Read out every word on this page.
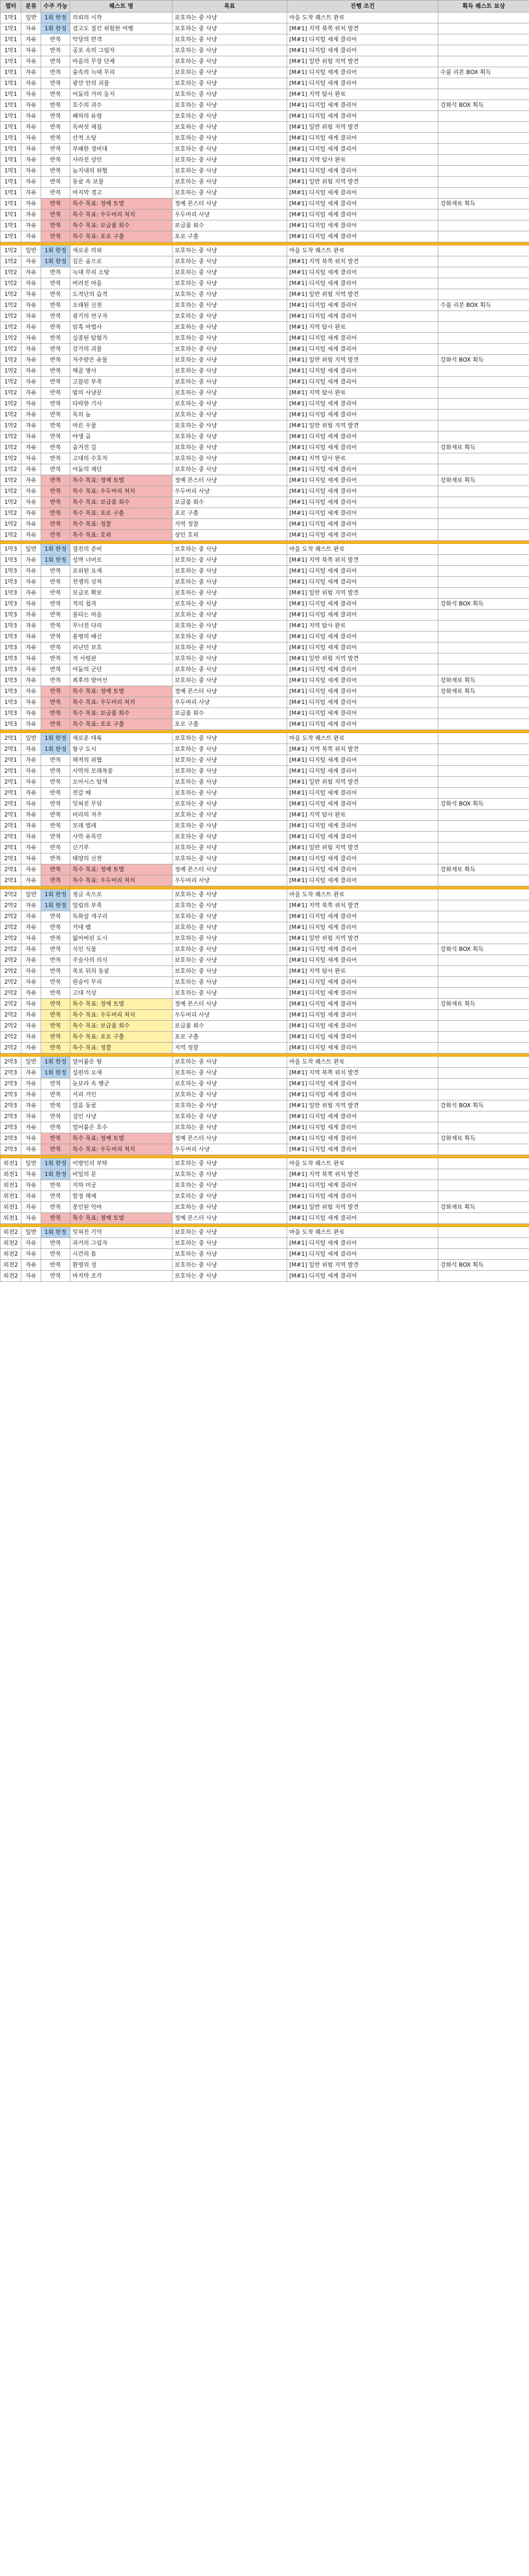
챕터	분류	수주 가능	퀘스트 명	목표	진행 조건	획득 퀘스트 보상
1막1	일반	1회 한정	의뢰의 시작	보호하는 중 사냥	마을 도착 퀘스트 완료	
1막1	자유	1회 한정	검고도 질긴 위험한 여행	보호하는 중 사냥	[M#1] 지역 북쪽 위치 발견	
1막1	자유	반복	악당의 반격	보호하는 중 사냥	[M#1] 디지털 세계 클리어	
1막1	자유	반복	공포 속의 그림자	보호하는 중 사냥	[M#1] 디지털 세계 클리어	
1막1	자유	반복	마을의 무장 단체	보호하는 중 사냥	[M#1] 일반 위험 지역 발견	
1막1	자유	반복	숲속의 늑대 무리	보호하는 중 사냥	[M#1] 디지털 세계 클리어	수풀 리본 BOX 획득
1막1	자유	반복	광산 안의 괴물	보호하는 중 사냥	[M#1] 디지털 세계 클리어	
1막1	자유	반복	어둠의 거미 둥지	보호하는 중 사냥	[M#1] 지역 탐사 완료	
1막1	자유	반복	호수의 괴수	보호하는 중 사냥	[M#1] 디지털 세계 클리어	강화석 BOX 획득
1막1	자유	반복	폐허의 유령	보호하는 중 사냥	[M#1] 디지털 세계 클리어	
1막1	자유	반복	독버섯 채집	보호하는 중 사냥	[M#1] 일반 위험 지역 발견	
1막1	자유	반복	산적 소탕	보호하는 중 사냥	[M#1] 디지털 세계 클리어	
1막1	자유	반복	부패한 경비대	보호하는 중 사냥	[M#1] 디지털 세계 클리어	
1막1	자유	반복	사라진 상인	보호하는 중 사냥	[M#1] 지역 탐사 완료	
1막1	자유	반복	늪지대의 위협	보호하는 중 사냥	[M#1] 디지털 세계 클리어	
1막1	자유	반복	동굴 속 보물	보호하는 중 사냥	[M#1] 일반 위험 지역 발견	
1막1	자유	반복	마지막 경고	보호하는 중 사냥	[M#1] 디지털 세계 클리어	
1막1	자유	반복	특수 목표: 정예 토벌	정예 몬스터 사냥	[M#1] 디지털 세계 클리어	강화재료 획득
1막1	자유	반복	특수 목표: 우두머리 처치	우두머리 사냥	[M#1] 디지털 세계 클리어	
1막1	자유	반복	특수 목표: 보급품 회수	보급품 회수	[M#1] 디지털 세계 클리어	
1막1	자유	반복	특수 목표: 포로 구출	포로 구출	[M#1] 디지털 세계 클리어	

1막2	일반	1회 한정	새로운 의뢰	보호하는 중 사냥	마을 도착 퀘스트 완료	
1막2	자유	1회 한정	깊은 숲으로	보호하는 중 사냥	[M#1] 지역 북쪽 위치 발견	
1막2	자유	반복	늑대 무리 소탕	보호하는 중 사냥	[M#1] 디지털 세계 클리어	
1막2	자유	반복	버려진 마을	보호하는 중 사냥	[M#1] 디지털 세계 클리어	
1막2	자유	반복	도적단의 습격	보호하는 중 사냥	[M#1] 일반 위험 지역 발견	
1막2	자유	반복	오래된 신전	보호하는 중 사냥	[M#1] 디지털 세계 클리어	수풀 리본 BOX 획득
1막2	자유	반복	광기의 연구자	보호하는 중 사냥	[M#1] 디지털 세계 클리어	
1막2	자유	반복	암흑 마법사	보호하는 중 사냥	[M#1] 지역 탐사 완료	
1막2	자유	반복	실종된 탐험가	보호하는 중 사냥	[M#1] 디지털 세계 클리어	
1막2	자유	반복	강가의 괴물	보호하는 중 사냥	[M#1] 디지털 세계 클리어	
1막2	자유	반복	저주받은 유물	보호하는 중 사냥	[M#1] 일반 위험 지역 발견	강화석 BOX 획득
1막2	자유	반복	해골 병사	보호하는 중 사냥	[M#1] 디지털 세계 클리어	
1막2	자유	반복	고블린 부족	보호하는 중 사냥	[M#1] 디지털 세계 클리어	
1막2	자유	반복	밤의 사냥꾼	보호하는 중 사냥	[M#1] 지역 탐사 완료	
1막2	자유	반복	타락한 기사	보호하는 중 사냥	[M#1] 디지털 세계 클리어	
1막2	자유	반복	독의 늪	보호하는 중 사냥	[M#1] 디지털 세계 클리어	
1막2	자유	반복	마른 우물	보호하는 중 사냥	[M#1] 일반 위험 지역 발견	
1막2	자유	반복	야생 곰	보호하는 중 사냥	[M#1] 디지털 세계 클리어	
1막2	자유	반복	숨겨진 길	보호하는 중 사냥	[M#1] 디지털 세계 클리어	강화재료 획득
1막2	자유	반복	고대의 수호자	보호하는 중 사냥	[M#1] 지역 탐사 완료	
1막2	자유	반복	어둠의 제단	보호하는 중 사냥	[M#1] 디지털 세계 클리어	
1막2	자유	반복	특수 목표: 정예 토벌	정예 몬스터 사냥	[M#1] 디지털 세계 클리어	강화재료 획득
1막2	자유	반복	특수 목표: 우두머리 처치	우두머리 사냥	[M#1] 디지털 세계 클리어	
1막2	자유	반복	특수 목표: 보급품 회수	보급품 회수	[M#1] 디지털 세계 클리어	
1막2	자유	반복	특수 목표: 포로 구출	포로 구출	[M#1] 디지털 세계 클리어	
1막2	자유	반복	특수 목표: 정찰	지역 정찰	[M#1] 디지털 세계 클리어	
1막2	자유	반복	특수 목표: 호위	상인 호위	[M#1] 디지털 세계 클리어	

1막3	일반	1회 한정	결전의 준비	보호하는 중 사냥	마을 도착 퀘스트 완료	
1막3	자유	1회 한정	성벽 너머로	보호하는 중 사냥	[M#1] 지역 북쪽 위치 발견	
1막3	자유	반복	포위된 요새	보호하는 중 사냥	[M#1] 디지털 세계 클리어	
1막3	자유	반복	전쟁의 상처	보호하는 중 사냥	[M#1] 디지털 세계 클리어	
1막3	자유	반복	보급로 확보	보호하는 중 사냥	[M#1] 일반 위험 지역 발견	
1막3	자유	반복	적의 첩자	보호하는 중 사냥	[M#1] 디지털 세계 클리어	강화석 BOX 획득
1막3	자유	반복	불타는 마을	보호하는 중 사냥	[M#1] 디지털 세계 클리어	
1막3	자유	반복	무너진 다리	보호하는 중 사냥	[M#1] 지역 탐사 완료	
1막3	자유	반복	용병의 배신	보호하는 중 사냥	[M#1] 디지털 세계 클리어	
1막3	자유	반복	피난민 보호	보호하는 중 사냥	[M#1] 디지털 세계 클리어	
1막3	자유	반복	적 사령관	보호하는 중 사냥	[M#1] 일반 위험 지역 발견	
1막3	자유	반복	어둠의 군단	보호하는 중 사냥	[M#1] 디지털 세계 클리어	
1막3	자유	반복	최후의 방어선	보호하는 중 사냥	[M#1] 디지털 세계 클리어	강화재료 획득
1막3	자유	반복	특수 목표: 정예 토벌	정예 몬스터 사냥	[M#1] 디지털 세계 클리어	강화재료 획득
1막3	자유	반복	특수 목표: 우두머리 처치	우두머리 사냥	[M#1] 디지털 세계 클리어	
1막3	자유	반복	특수 목표: 보급품 회수	보급품 회수	[M#1] 디지털 세계 클리어	
1막3	자유	반복	특수 목표: 포로 구출	포로 구출	[M#1] 디지털 세계 클리어	

2막1	일반	1회 한정	새로운 대륙	보호하는 중 사냥	마을 도착 퀘스트 완료	
2막1	자유	1회 한정	항구 도시	보호하는 중 사냥	[M#1] 지역 북쪽 위치 발견	
2막1	자유	반복	해적의 위협	보호하는 중 사냥	[M#1] 디지털 세계 클리어	
2막1	자유	반복	사막의 모래폭풍	보호하는 중 사냥	[M#1] 디지털 세계 클리어	
2막1	자유	반복	오아시스 탐색	보호하는 중 사냥	[M#1] 일반 위험 지역 발견	
2막1	자유	반복	전갈 떼	보호하는 중 사냥	[M#1] 디지털 세계 클리어	
2막1	자유	반복	잊혀진 무덤	보호하는 중 사냥	[M#1] 디지털 세계 클리어	강화석 BOX 획득
2막1	자유	반복	미라의 저주	보호하는 중 사냥	[M#1] 지역 탐사 완료	
2막1	자유	반복	모래 벌레	보호하는 중 사냥	[M#1] 디지털 세계 클리어	
2막1	자유	반복	사막 유목민	보호하는 중 사냥	[M#1] 디지털 세계 클리어	
2막1	자유	반복	신기루	보호하는 중 사냥	[M#1] 일반 위험 지역 발견	
2막1	자유	반복	태양의 신전	보호하는 중 사냥	[M#1] 디지털 세계 클리어	
2막1	자유	반복	특수 목표: 정예 토벌	정예 몬스터 사냥	[M#1] 디지털 세계 클리어	강화재료 획득
2막1	자유	반복	특수 목표: 우두머리 처치	우두머리 사냥	[M#1] 디지털 세계 클리어	

2막2	일반	1회 한정	정글 속으로	보호하는 중 사냥	마을 도착 퀘스트 완료	
2막2	자유	1회 한정	밀림의 부족	보호하는 중 사냥	[M#1] 지역 북쪽 위치 발견	
2막2	자유	반복	독화살 개구리	보호하는 중 사냥	[M#1] 디지털 세계 클리어	
2막2	자유	반복	거대 뱀	보호하는 중 사냥	[M#1] 디지털 세계 클리어	
2막2	자유	반복	잃어버린 도시	보호하는 중 사냥	[M#1] 일반 위험 지역 발견	
2막2	자유	반복	식인 식물	보호하는 중 사냥	[M#1] 디지털 세계 클리어	강화석 BOX 획득
2막2	자유	반복	주술사의 의식	보호하는 중 사냥	[M#1] 디지털 세계 클리어	
2막2	자유	반복	폭포 뒤의 동굴	보호하는 중 사냥	[M#1] 지역 탐사 완료	
2막2	자유	반복	원숭이 무리	보호하는 중 사냥	[M#1] 디지털 세계 클리어	
2막2	자유	반복	고대 석상	보호하는 중 사냥	[M#1] 디지털 세계 클리어	
2막2	자유	반복	특수 목표: 정예 토벌	정예 몬스터 사냥	[M#1] 디지털 세계 클리어	강화재료 획득
2막2	자유	반복	특수 목표: 우두머리 처치	우두머리 사냥	[M#1] 디지털 세계 클리어	
2막2	자유	반복	특수 목표: 보급품 회수	보급품 회수	[M#1] 디지털 세계 클리어	
2막2	자유	반복	특수 목표: 포로 구출	포로 구출	[M#1] 디지털 세계 클리어	
2막2	자유	반복	특수 목표: 정찰	지역 정찰	[M#1] 디지털 세계 클리어	

2막3	일반	1회 한정	얼어붙은 땅	보호하는 중 사냥	마을 도착 퀘스트 완료	
2막3	자유	1회 한정	설원의 요새	보호하는 중 사냥	[M#1] 지역 북쪽 위치 발견	
2막3	자유	반복	눈보라 속 행군	보호하는 중 사냥	[M#1] 디지털 세계 클리어	
2막3	자유	반복	서리 거인	보호하는 중 사냥	[M#1] 디지털 세계 클리어	
2막3	자유	반복	얼음 동굴	보호하는 중 사냥	[M#1] 일반 위험 지역 발견	강화석 BOX 획득
2막3	자유	반복	설인 사냥	보호하는 중 사냥	[M#1] 디지털 세계 클리어	
2막3	자유	반복	얼어붙은 호수	보호하는 중 사냥	[M#1] 디지털 세계 클리어	
2막3	자유	반복	특수 목표: 정예 토벌	정예 몬스터 사냥	[M#1] 디지털 세계 클리어	강화재료 획득
2막3	자유	반복	특수 목표: 우두머리 처치	우두머리 사냥	[M#1] 디지털 세계 클리어	

외전1	일반	1회 한정	이방인의 부탁	보호하는 중 사냥	마을 도착 퀘스트 완료	
외전1	자유	1회 한정	비밀의 문	보호하는 중 사냥	[M#1] 지역 북쪽 위치 발견	
외전1	자유	반복	지하 미궁	보호하는 중 사냥	[M#1] 디지털 세계 클리어	
외전1	자유	반복	함정 해제	보호하는 중 사냥	[M#1] 디지털 세계 클리어	
외전1	자유	반복	봉인된 악마	보호하는 중 사냥	[M#1] 일반 위험 지역 발견	강화재료 획득
외전1	자유	반복	특수 목표: 정예 토벌	정예 몬스터 사냥	[M#1] 디지털 세계 클리어	

외전2	일반	1회 한정	잊혀진 기억	보호하는 중 사냥	마을 도착 퀘스트 완료	
외전2	자유	반복	과거의 그림자	보호하는 중 사냥	[M#1] 디지털 세계 클리어	
외전2	자유	반복	시간의 틈	보호하는 중 사냥	[M#1] 디지털 세계 클리어	
외전2	자유	반복	환영의 성	보호하는 중 사냥	[M#1] 일반 위험 지역 발견	강화석 BOX 획득
외전2	자유	반복	마지막 조각	보호하는 중 사냥	[M#1] 디지털 세계 클리어	
